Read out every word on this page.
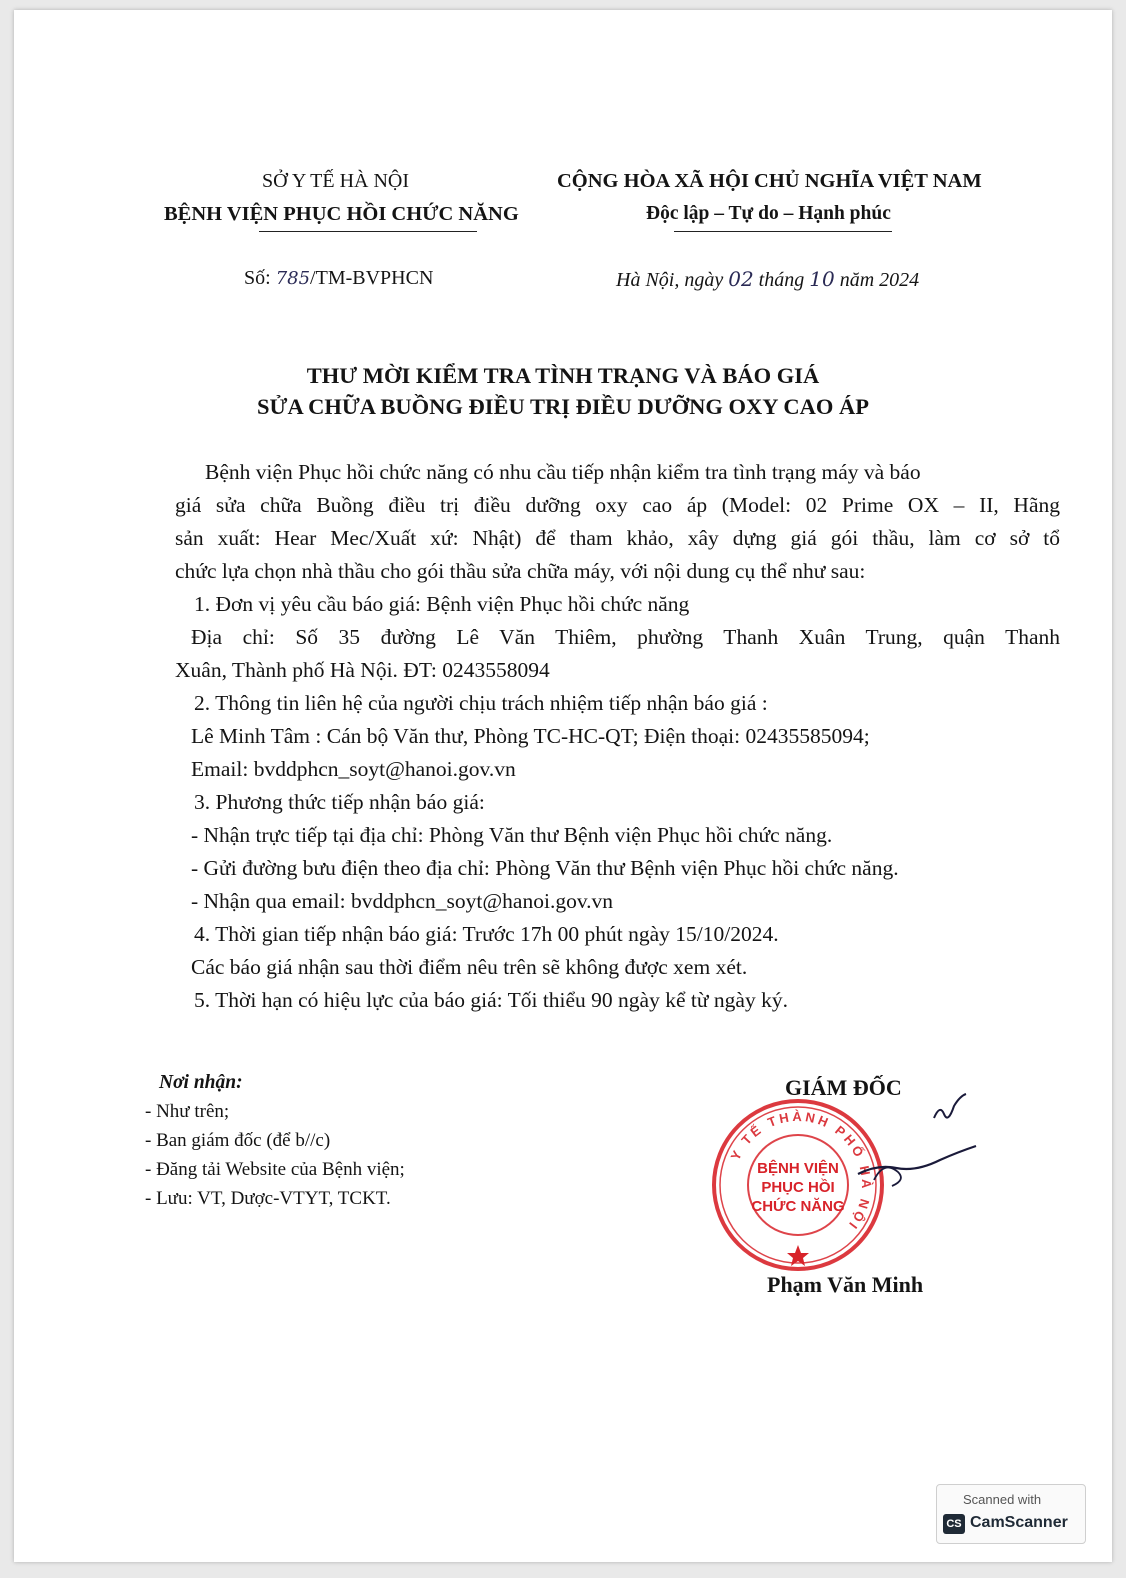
SỞ Y TẾ HÀ NỘI
BỆNH VIỆN PHỤC HỒI CHỨC NĂNG
CỘNG HÒA XÃ HỘI CHỦ NGHĨA VIỆT NAM
Độc lập – Tự do – Hạnh phúc
Số: 785/TM-BVPHCN	Hà Nội, ngày 02 tháng 10 năm 2024
THƯ MỜI KIỂM TRA TÌNH TRẠNG VÀ BÁO GIÁ
SỬA CHỮA BUỒNG ĐIỀU TRỊ ĐIỀU DƯỠNG OXY CAO ÁP
Bệnh viện Phục hồi chức năng có nhu cầu tiếp nhận kiểm tra tình trạng máy và báo
giá sửa chữa Buồng điều trị điều dưỡng oxy cao áp (Model: 02 Prime OX – II, Hãng
sản xuất: Hear Mec/Xuất xứ: Nhật) để tham khảo, xây dựng giá gói thầu, làm cơ sở tổ
chức lựa chọn nhà thầu cho gói thầu sửa chữa máy, với nội dung cụ thể như sau:
1. Đơn vị yêu cầu báo giá: Bệnh viện Phục hồi chức năng
Địa chỉ: Số 35 đường Lê Văn Thiêm, phường Thanh Xuân Trung, quận Thanh
Xuân, Thành phố Hà Nội. ĐT: 0243558094
2. Thông tin liên hệ của người chịu trách nhiệm tiếp nhận báo giá :
Lê Minh Tâm : Cán bộ Văn thư, Phòng TC-HC-QT; Điện thoại: 02435585094;
Email: bvddphcn_soyt@hanoi.gov.vn
3. Phương thức tiếp nhận báo giá:
- Nhận trực tiếp tại địa chỉ: Phòng Văn thư Bệnh viện Phục hồi chức năng.
- Gửi đường bưu điện theo địa chỉ: Phòng Văn thư Bệnh viện Phục hồi chức năng.
- Nhận qua email: bvddphcn_soyt@hanoi.gov.vn
4. Thời gian tiếp nhận báo giá: Trước 17h 00 phút ngày 15/10/2024.
Các báo giá nhận sau thời điểm nêu trên sẽ không được xem xét.
5. Thời hạn có hiệu lực của báo giá: Tối thiểu 90 ngày kể từ ngày ký.
Nơi nhận:
- Như trên;
- Ban giám đốc (để b//c)
- Đăng tải Website của Bệnh viện;
- Lưu: VT, Dược-VTYT, TCKT.
Y TẾ THÀNH PHỐ HÀ NỘI
BỆNH VIỆN
PHỤC HỒI
CHỨC NĂNG
GIÁM ĐỐC
Phạm Văn Minh
Scanned with
CS CamScanner
